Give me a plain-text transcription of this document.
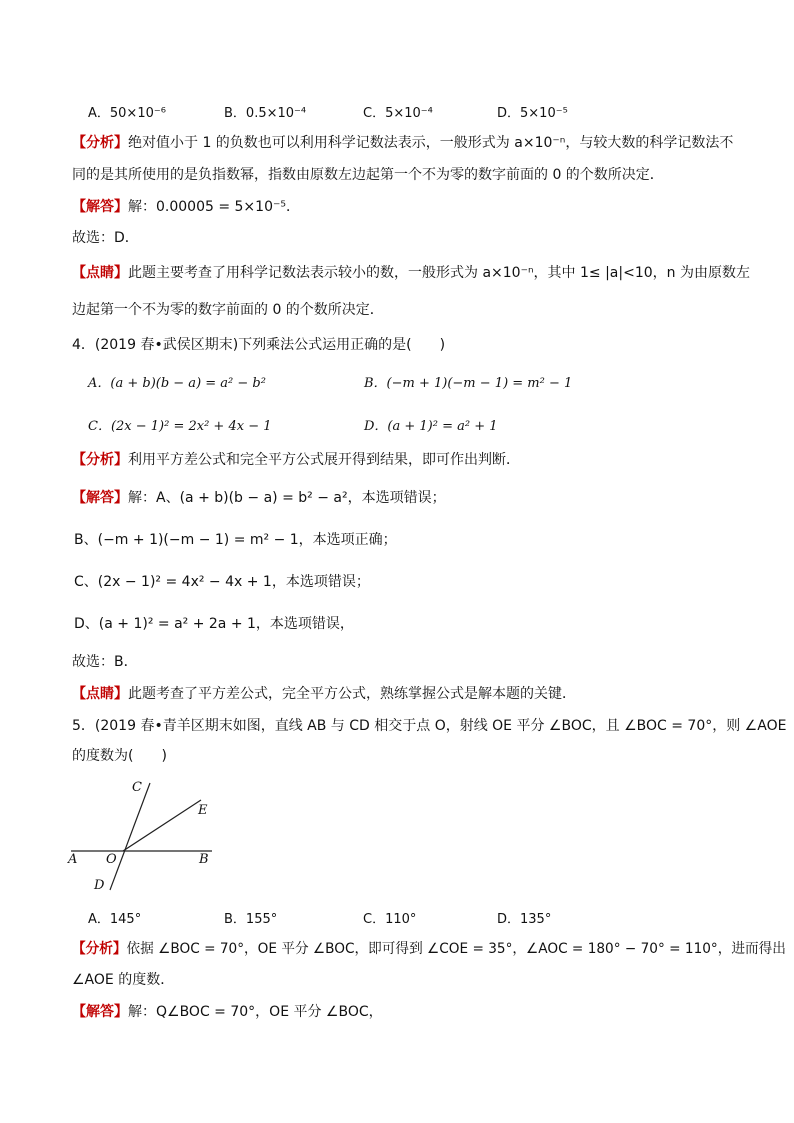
A．50×10⁻⁶	B．0.5×10⁻⁴	C．5×10⁻⁴	D．5×10⁻⁵
【分析】绝对值小于 1 的负数也可以利用科学记数法表示，一般形式为 a×10⁻ⁿ，与较大数的科学记数法不
同的是其所使用的是负指数幂，指数由原数左边起第一个不为零的数字前面的 0 的个数所决定．
【解答】解：0.00005 = 5×10⁻⁵．
故选：D．
【点睛】此题主要考查了用科学记数法表示较小的数，一般形式为 a×10⁻ⁿ，其中 1≤ |a|<10，n 为由原数左
边起第一个不为零的数字前面的 0 的个数所决定．
4．(2019 春•武侯区期末)下列乘法公式运用正确的是(　　)
A．(a + b)(b − a) = a² − b²	B．(−m + 1)(−m − 1) = m² − 1
C．(2x − 1)² = 2x² + 4x − 1	D．(a + 1)² = a² + 1
【分析】利用平方差公式和完全平方公式展开得到结果，即可作出判断．
【解答】解：A、(a + b)(b − a) = b² − a²，本选项错误；
B、(−m + 1)(−m − 1) = m² − 1，本选项正确；
C、(2x − 1)² = 4x² − 4x + 1，本选项错误；
D、(a + 1)² = a² + 2a + 1，本选项错误，
故选：B．
【点睛】此题考查了平方差公式，完全平方公式，熟练掌握公式是解本题的关键．
5．(2019 春•青羊区期末如图，直线 AB 与 CD 相交于点 O，射线 OE 平分 ∠BOC，且 ∠BOC = 70°，则 ∠AOE
的度数为(　　)
A	B
C
D
E
O
A．145°	B．155°	C．110°	D．135°
【分析】依据 ∠BOC = 70°，OE 平分 ∠BOC，即可得到 ∠COE = 35°，∠AOC = 180° − 70° = 110°，进而得出
∠AOE 的度数．
【解答】解：Q∠BOC = 70°，OE 平分 ∠BOC，
